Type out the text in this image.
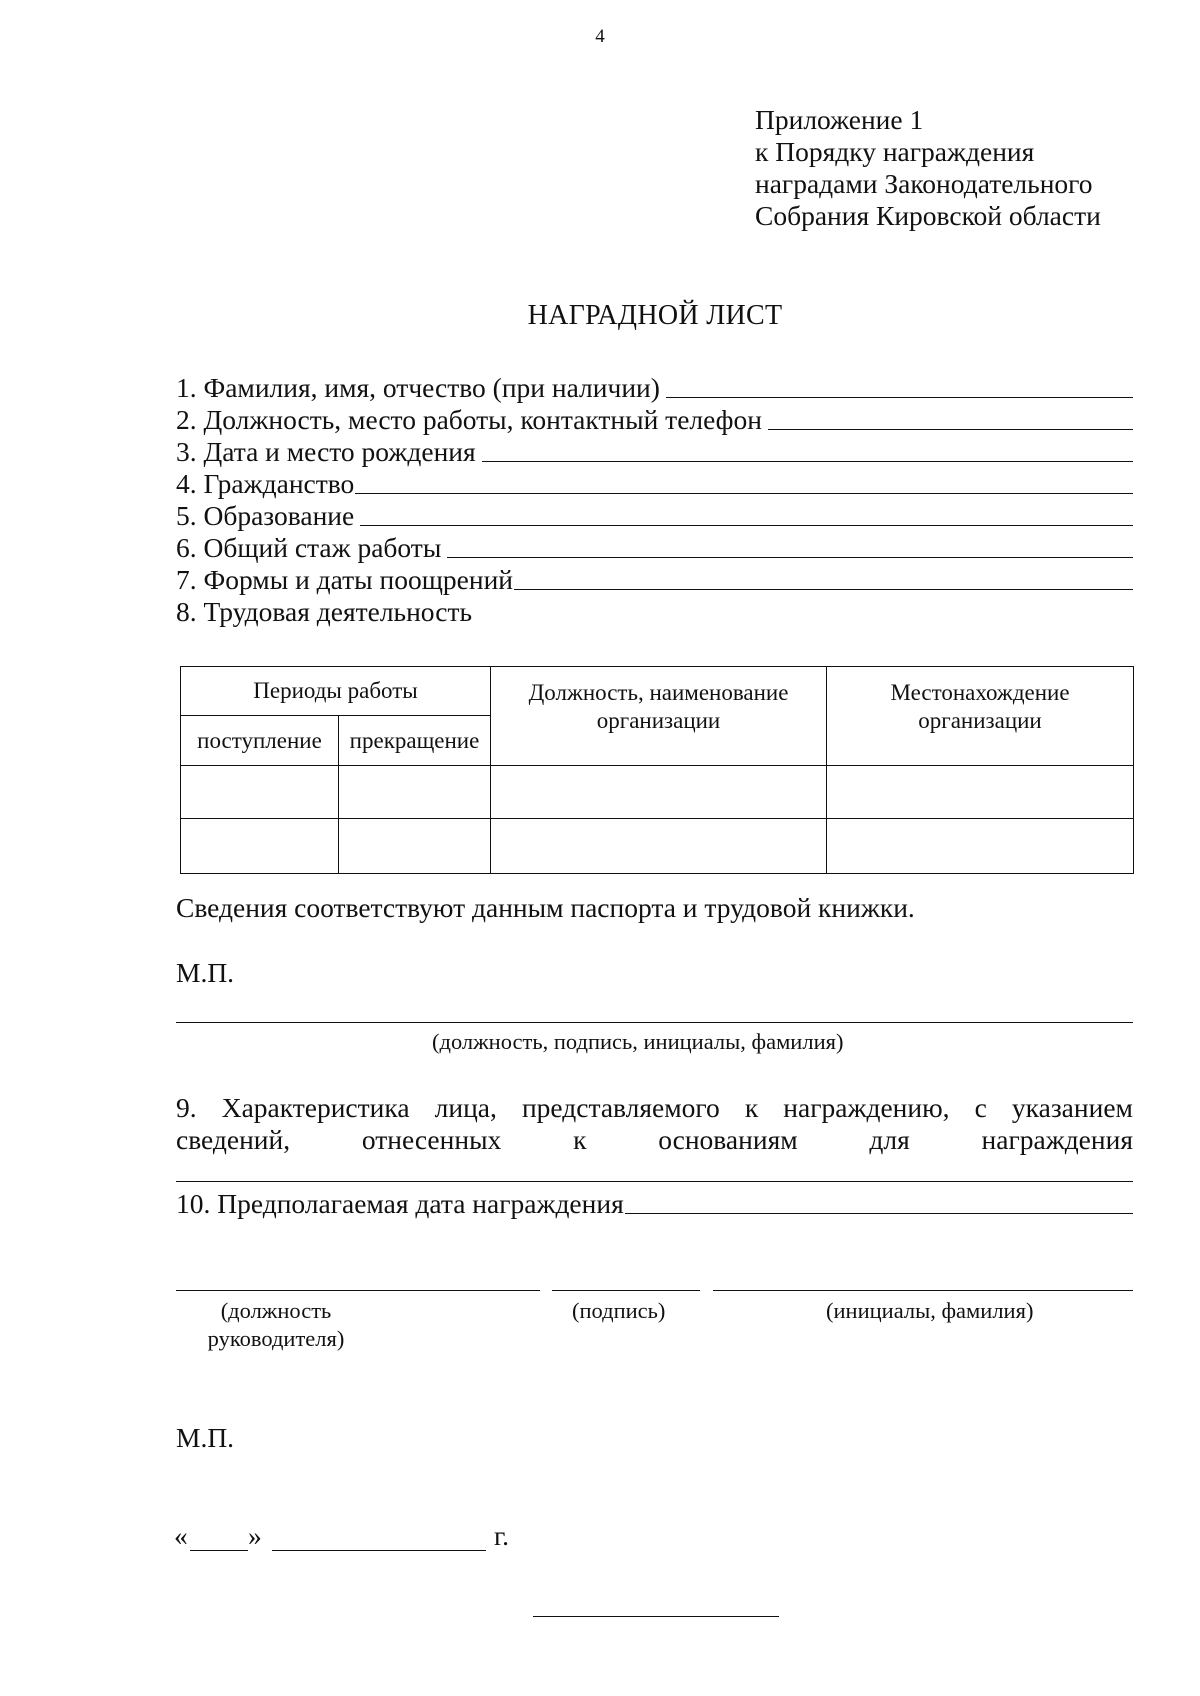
4
Приложение 1
к Порядку награждения
наградами Законодательного
Собрания Кировской области
НАГРАДНОЙ ЛИСТ
1. Фамилия, имя, отчество (при наличии)
2. Должность, место работы, контактный телефон
3. Дата и место рождения
4. Гражданство
5. Образование
6. Общий стаж работы
7. Формы и даты поощрений
8. Трудовая деятельность
Периоды работы		Должность, наименование организации	Местонахождение организации
поступление	прекращение		

Сведения соответствуют данным паспорта и трудовой книжки.
М.П.
(должность, подпись, инициалы, фамилия)
9. Характеристика лица, представляемого к награждению, с указанием
сведений,	отнесенных	к	основаниям	для	награждения
10. Предполагаемая дата награждения
(должность
руководителя)
(подпись)	(инициалы, фамилия)
М.П.
« »	г.
